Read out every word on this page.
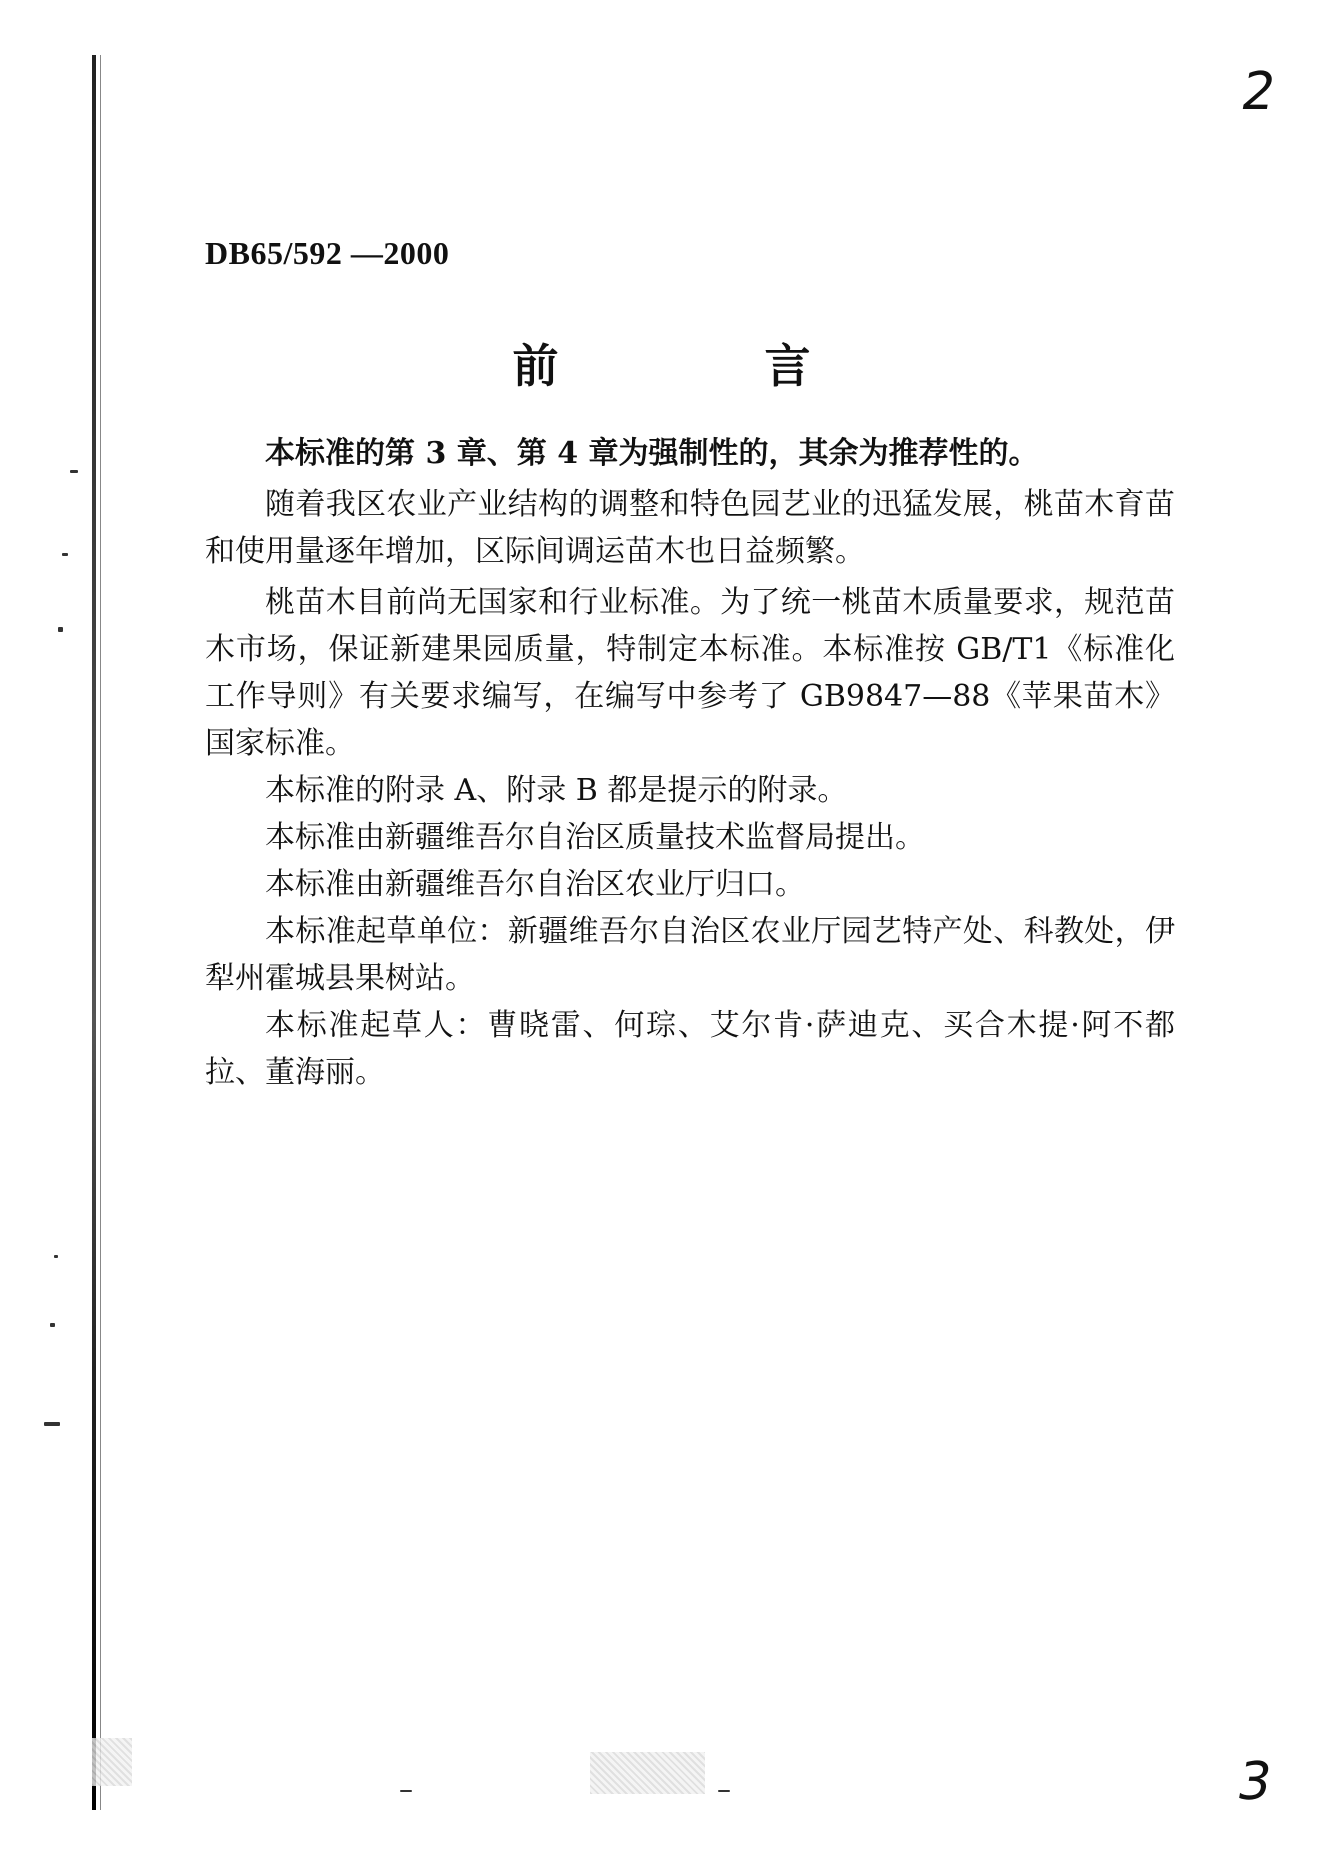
2
3
DB65/592 —2000
前　言

本标准的第 3 章、第 4 章为强制性的，其余为推荐性的。

随着我区农业产业结构的调整和特色园艺业的迅猛发展，桃苗木育苗和使用量逐年增加，区际间调运苗木也日益频繁。

桃苗木目前尚无国家和行业标准。为了统一桃苗木质量要求，规范苗木市场，保证新建果园质量，特制定本标准。本标准按 GB/T1《标准化工作导则》有关要求编写，在编写中参考了 GB9847—88《苹果苗木》国家标准。

本标准的附录 A、附录 B 都是提示的附录。

本标准由新疆维吾尔自治区质量技术监督局提出。

本标准由新疆维吾尔自治区农业厅归口。

本标准起草单位：新疆维吾尔自治区农业厅园艺特产处、科教处，伊犁州霍城县果树站。

本标准起草人：曹晓雷、何琮、艾尔肯·萨迪克、买合木提·阿不都拉、董海丽。
